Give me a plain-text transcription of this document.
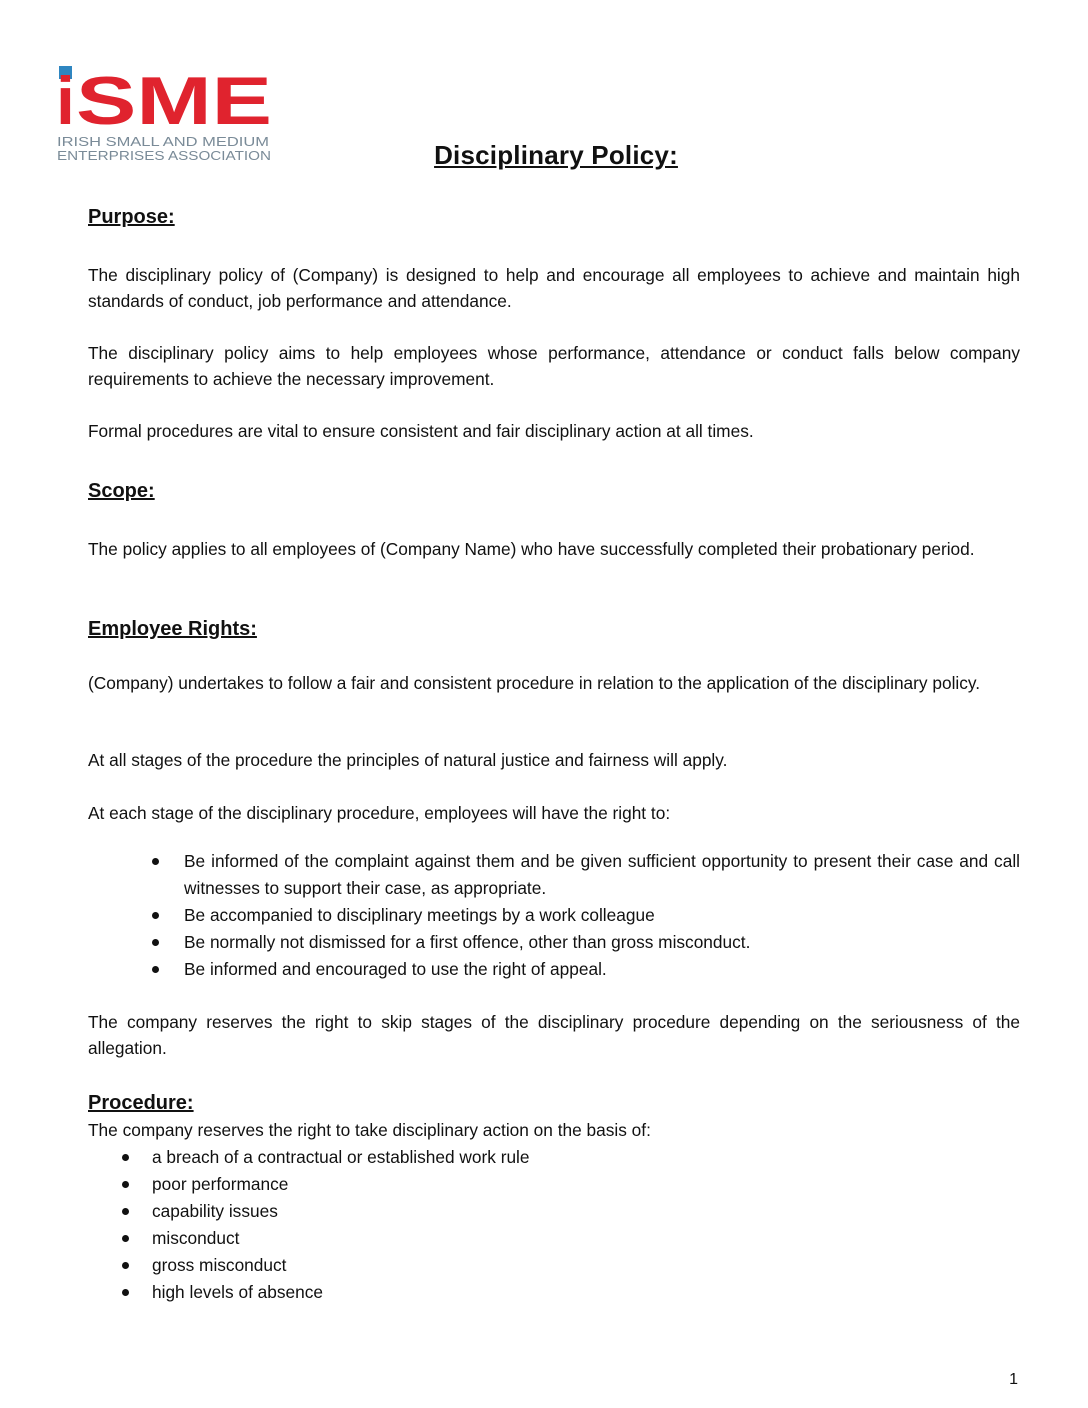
i SME
IRISH SMALL AND MEDIUM
ENTERPRISES ASSOCIATION	Disciplinary Policy:
Purpose:
The disciplinary policy of (Company) is designed to help and encourage all employees to achieve and maintain high standards of conduct, job performance and attendance.
The disciplinary policy aims to help employees whose performance, attendance or conduct falls below company requirements to achieve the necessary improvement.
Formal procedures are vital to ensure consistent and fair disciplinary action at all times.
Scope:
The policy applies to all employees of (Company Name) who have successfully completed their probationary period.
Employee Rights:
(Company) undertakes to follow a fair and consistent procedure in relation to the application of the disciplinary policy.
At all stages of the procedure the principles of natural justice and fairness will apply.
At each stage of the disciplinary procedure, employees will have the right to:
Be informed of the complaint against them and be given sufficient opportunity to present their case and call witnesses to support their case, as appropriate.
Be accompanied to disciplinary meetings by a work colleague
Be normally not dismissed for a first offence, other than gross misconduct.
Be informed and encouraged to use the right of appeal.
The company reserves the right to skip stages of the disciplinary procedure depending on the seriousness of the allegation.
Procedure:
The company reserves the right to take disciplinary action on the basis of:
a breach of a contractual or established work rule
poor performance
capability issues
misconduct
gross misconduct
high levels of absence
1
